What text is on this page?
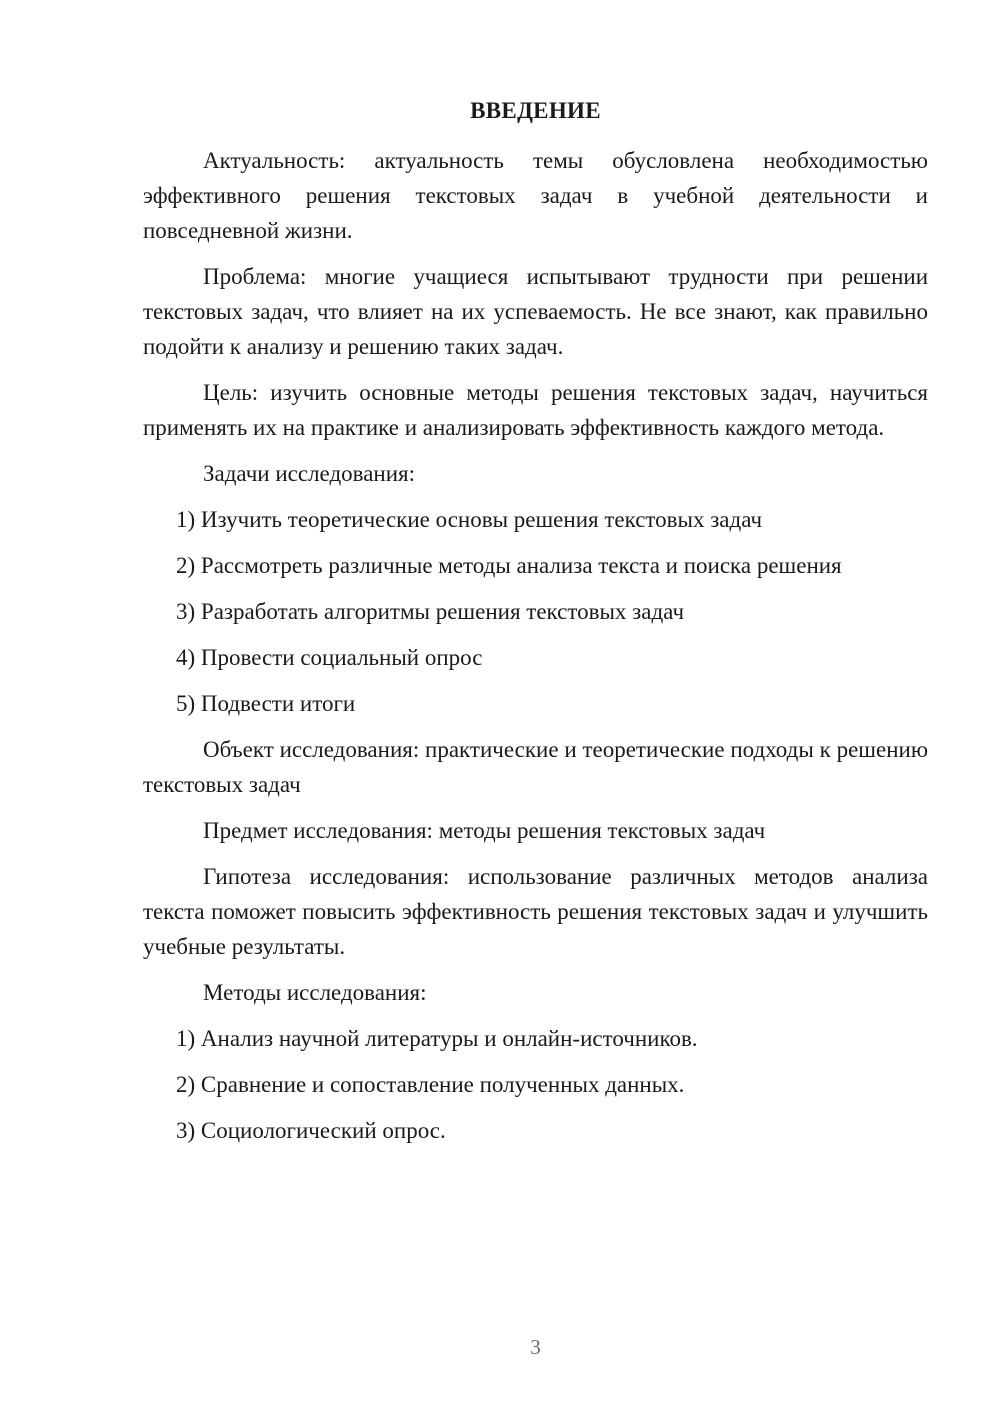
ВВЕДЕНИЕ

Актуальность: актуальность темы обусловлена необходимостью эффективного решения текстовых задач в учебной деятельности и повседневной жизни.

Проблема: многие учащиеся испытывают трудности при решении текстовых задач, что влияет на их успеваемость. Не все знают, как правильно подойти к анализу и решению таких задач.

Цель: изучить основные методы решения текстовых задач, научиться применять их на практике и анализировать эффективность каждого метода.

Задачи исследования:

1) Изучить теоретические основы решения текстовых задач

2) Рассмотреть различные методы анализа текста и поиска решения

3) Разработать алгоритмы решения текстовых задач

4) Провести социальный опрос

5) Подвести итоги

Объект исследования: практические и теоретические подходы к решению текстовых задач

Предмет исследования: методы решения текстовых задач

Гипотеза исследования: использование различных методов анализа текста поможет повысить эффективность решения текстовых задач и улучшить учебные результаты.

Методы исследования:

1) Анализ научной литературы и онлайн-источников.

2) Сравнение и сопоставление полученных данных.

3) Социологический опрос.

3
